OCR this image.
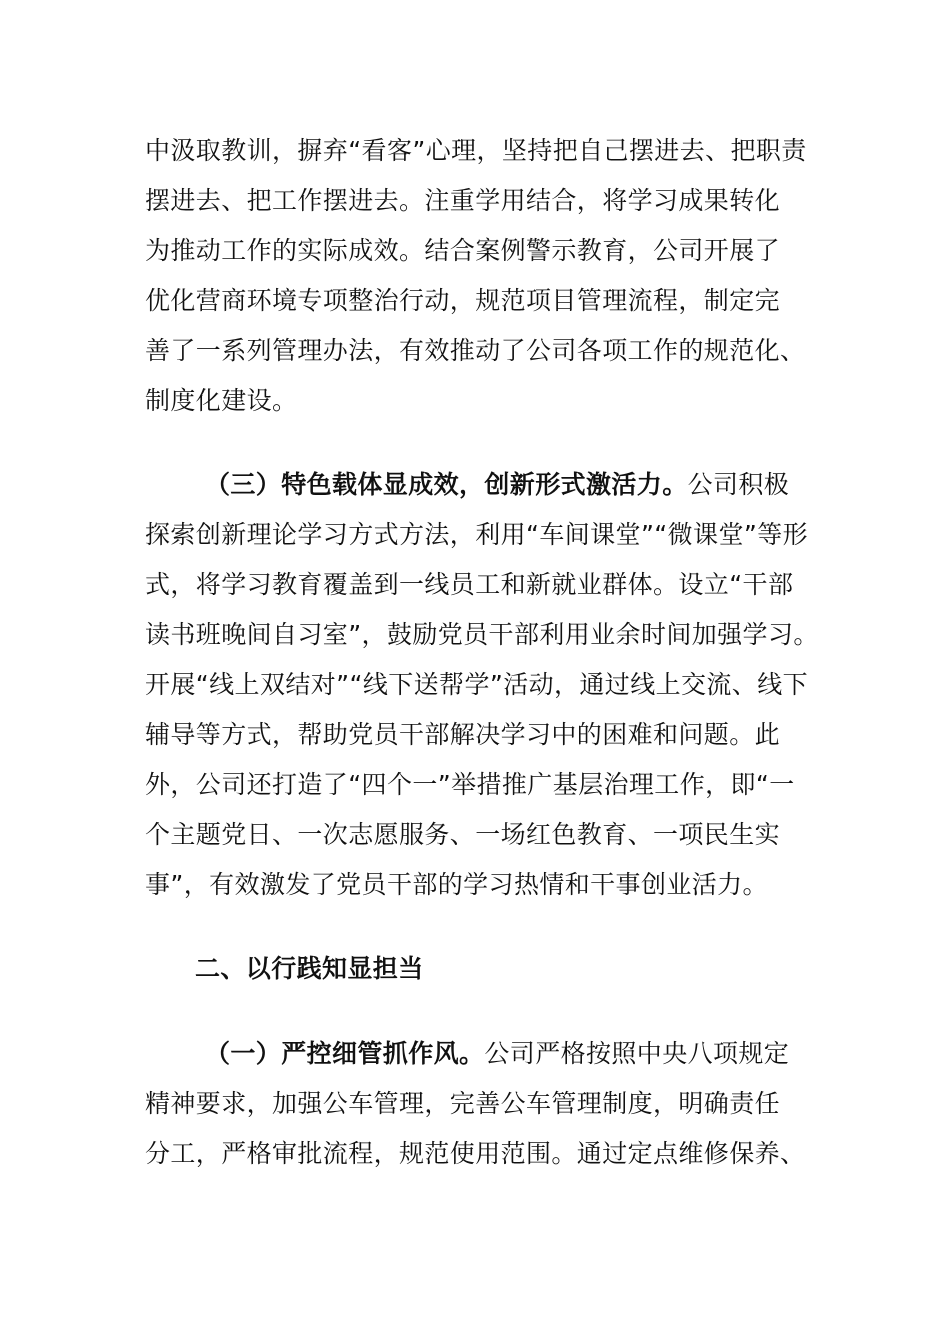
中汲取教训，摒弃“看客”心理，坚持把自己摆进去、把职责
摆进去、把工作摆进去。注重学用结合，将学习成果转化
为推动工作的实际成效。结合案例警示教育，公司开展了
优化营商环境专项整治行动，规范项目管理流程，制定完
善了一系列管理办法，有效推动了公司各项工作的规范化、
制度化建设。
（三）特色载体显成效，创新形式激活力。公司积极
探索创新理论学习方式方法，利用“车间课堂”“微课堂”等形
式，将学习教育覆盖到一线员工和新就业群体。设立“干部
读书班晚间自习室”，鼓励党员干部利用业余时间加强学习。
开展“线上双结对”“线下送帮学”活动，通过线上交流、线下
辅导等方式，帮助党员干部解决学习中的困难和问题。此
外，公司还打造了“四个一”举措推广基层治理工作，即“一
个主题党日、一次志愿服务、一场红色教育、一项民生实
事”，有效激发了党员干部的学习热情和干事创业活力。
二、以行践知显担当
（一）严控细管抓作风。公司严格按照中央八项规定
精神要求，加强公车管理，完善公车管理制度，明确责任
分工，严格审批流程，规范使用范围。通过定点维修保养、
